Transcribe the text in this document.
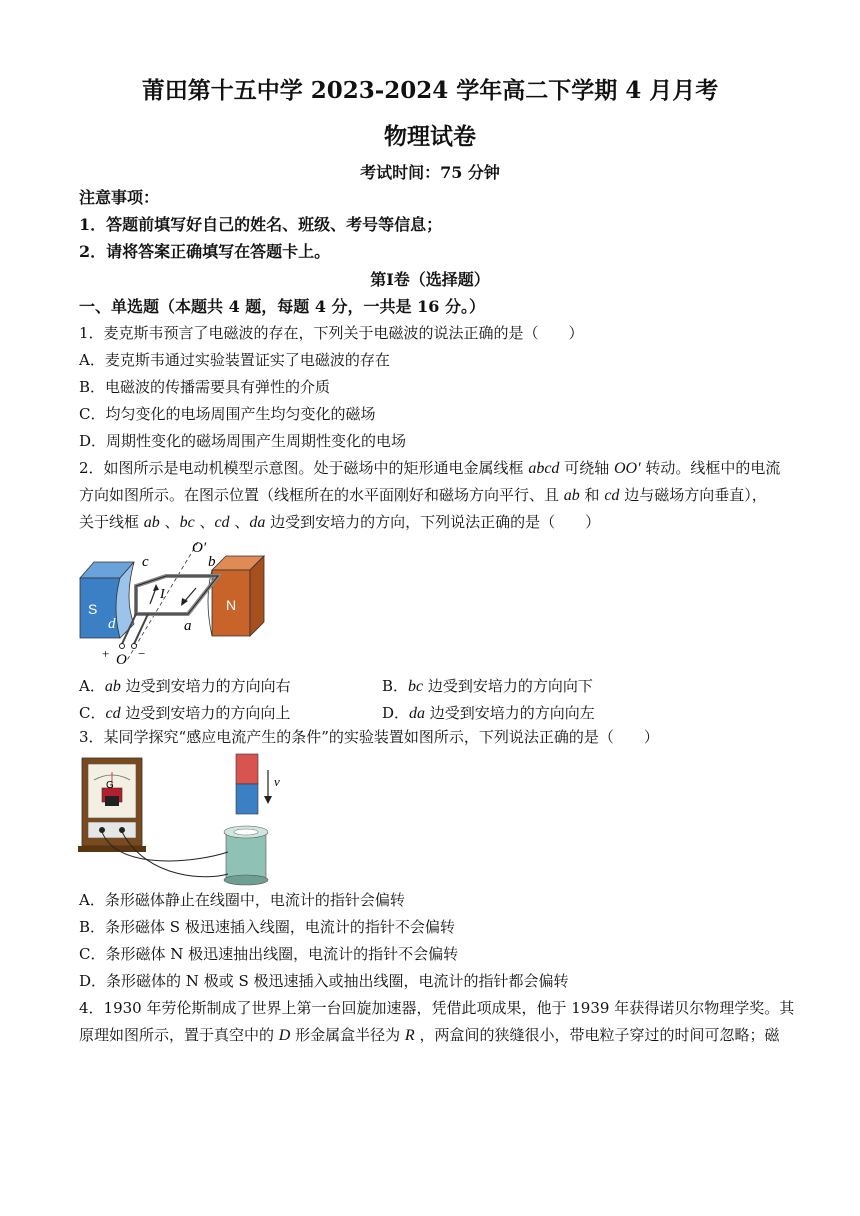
莆田第十五中学 2023-2024 学年高二下学期 4 月月考
物理试卷
考试时间：75 分钟
注意事项：
1．答题前填写好自己的姓名、班级、考号等信息；
2．请将答案正确填写在答题卡上。
第Ⅰ卷（选择题）
一、单选题（本题共 4 题，每题 4 分，一共是 16 分。）
1．麦克斯韦预言了电磁波的存在，下列关于电磁波的说法正确的是（　　）
A．麦克斯韦通过实验装置证实了电磁波的存在
B．电磁波的传播需要具有弹性的介质
C．均匀变化的电场周围产生均匀变化的磁场
D．周期性变化的磁场周围产生周期性变化的电场
2．如图所示是电动机模型示意图。处于磁场中的矩形通电金属线框 abcd 可绕轴 OO′ 转动。线框中的电流
方向如图所示。在图示位置（线框所在的水平面刚好和磁场方向平行、且 ab 和 cd 边与磁场方向垂直），
关于线框 ab 、bc 、cd 、da 边受到安培力的方向，下列说法正确的是（　　）
O′
c	b
I
S	N
d	a
+ O −
A．ab 边受到安培力的方向向右	B．bc 边受到安培力的方向向下
C．cd 边受到安培力的方向向上	D．da 边受到安培力的方向向左
3．某同学探究“感应电流产生的条件”的实验装置如图所示，下列说法正确的是（　　）
G	v
A．条形磁体静止在线圈中，电流计的指针会偏转
B．条形磁体 S 极迅速插入线圈，电流计的指针不会偏转
C．条形磁体 N 极迅速抽出线圈，电流计的指针不会偏转
D．条形磁体的 N 极或 S 极迅速插入或抽出线圈，电流计的指针都会偏转
4．1930 年劳伦斯制成了世界上第一台回旋加速器，凭借此项成果，他于 1939 年获得诺贝尔物理学奖。其
原理如图所示，置于真空中的 D 形金属盒半径为 R ，两盒间的狭缝很小，带电粒子穿过的时间可忽略；磁
